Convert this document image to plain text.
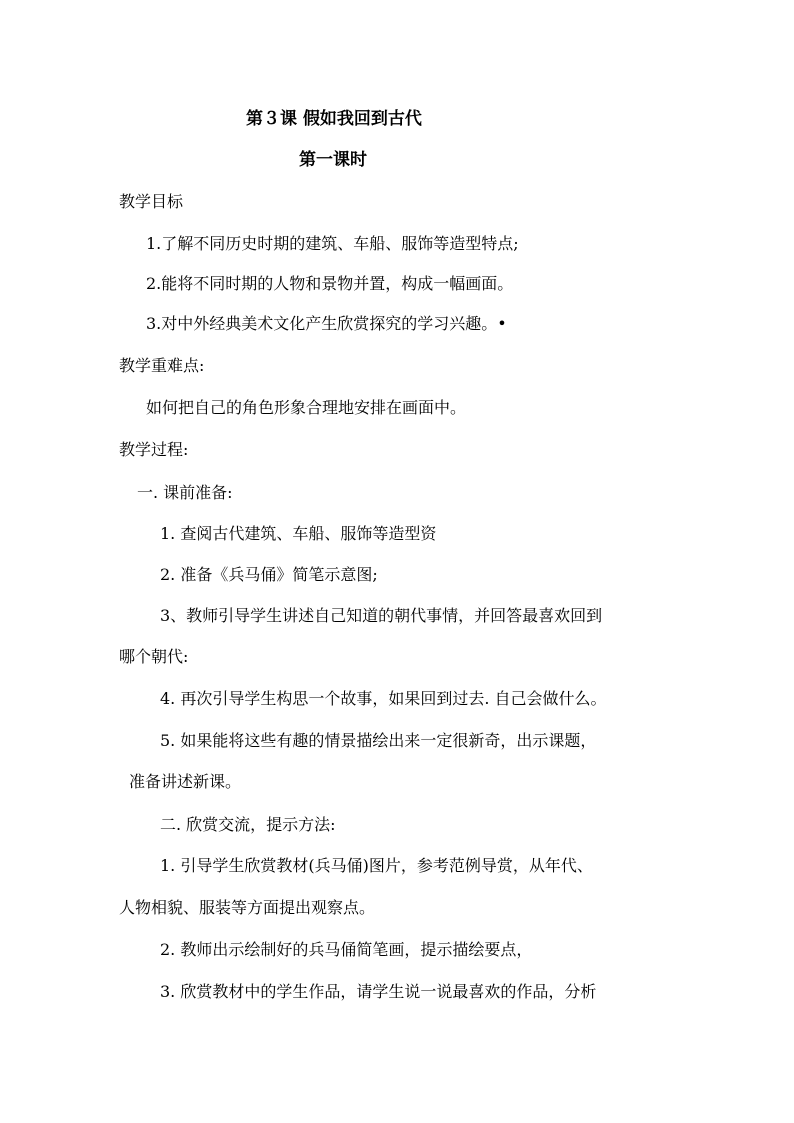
第３课 假如我回到古代
第一课时
教学目标
1.了解不同历史时期的建筑、车船、服饰等造型特点;
2.能将不同时期的人物和景物并置，构成一幅画面。
3.对中外经典美术文化产生欣赏探究的学习兴趣。•
教学重难点:
如何把自己的角色形象合理地安排在画面中。
教学过程:
一. 课前准备:
1. 查阅古代建筑、车船、服饰等造型资
2. 准备《兵马俑》简笔示意图;
3、教师引导学生讲述自己知道的朝代事情，并回答最喜欢回到
哪个朝代:
4. 再次引导学生构思一个故事，如果回到过去. 自己会做什么。
5. 如果能将这些有趣的情景描绘出来一定很新奇，出示课题，
准备讲述新课。
二. 欣赏交流，提示方法:
1. 引导学生欣赏教材(兵马俑)图片，参考范例导赏，从年代、
人物相貌、服装等方面提出观察点。
2. 教师出示绘制好的兵马俑简笔画，提示描绘要点，
3. 欣赏教材中的学生作品，请学生说一说最喜欢的作品，分析
